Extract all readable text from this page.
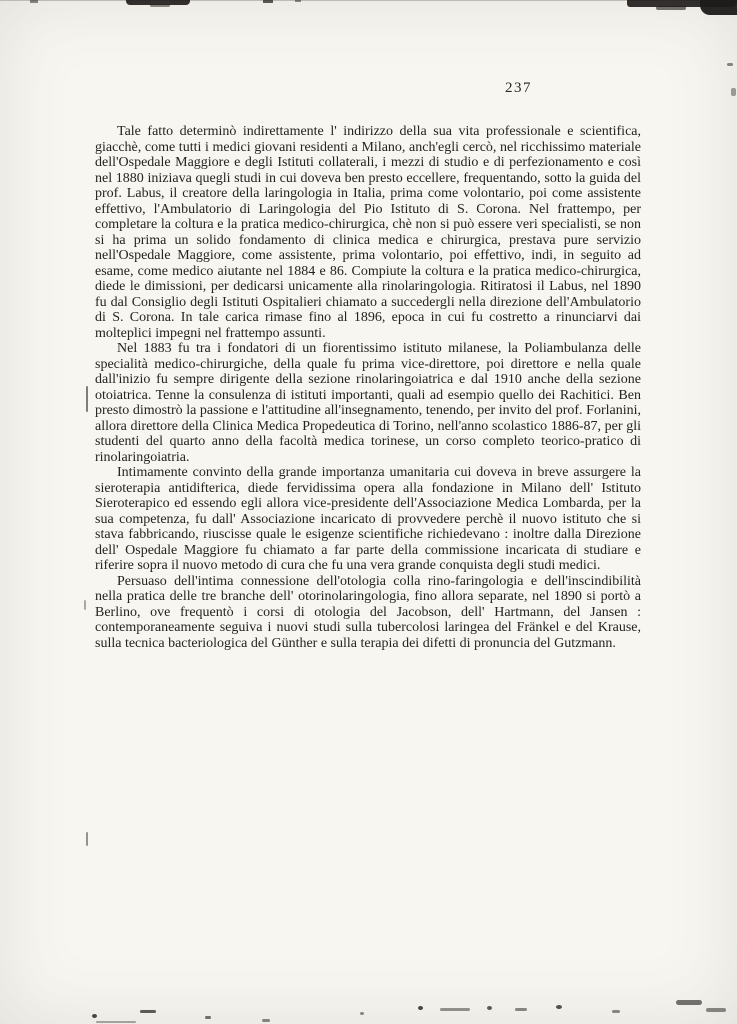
237

Tale fatto determinò indirettamente l' indirizzo della sua vita professionale e scientifica, giacchè, come tutti i medici giovani residenti a Milano, anch'egli cercò, nel ricchissimo materiale dell'Ospedale Maggiore e degli Istituti collaterali, i mezzi di studio e di perfezionamento e così nel 1880 iniziava quegli studi in cui doveva ben presto eccellere, frequentando, sotto la guida del prof. Labus, il creatore della laringologia in Italia, prima come volontario, poi come assistente effettivo, l'Ambulatorio di Laringologia del Pio Istituto di S. Corona. Nel frattempo, per completare la coltura e la pratica medico-chirurgica, chè non si può essere veri specialisti, se non si ha prima un solido fondamento di clinica medica e chirurgica, prestava pure servizio nell'Ospedale Maggiore, come assistente, prima volontario, poi effettivo, indi, in seguito ad esame, come medico aiutante nel 1884 e 86. Compiute la coltura e la pratica medico-chirurgica, diede le dimissioni, per dedicarsi unicamente alla rinolaringologia. Ritiratosi il Labus, nel 1890 fu dal Consiglio degli Istituti Ospitalieri chiamato a succedergli nella direzione dell'Ambulatorio di S. Corona. In tale carica rimase fino al 1896, epoca in cui fu costretto a rinunciarvi dai molteplici impegni nel frattempo assunti.

Nel 1883 fu tra i fondatori di un fiorentissimo istituto milanese, la Poliambulanza delle specialità medico-chirurgiche, della quale fu prima vice-direttore, poi direttore e nella quale dall'inizio fu sempre dirigente della sezione rinolaringoiatrica e dal 1910 anche della sezione otoiatrica. Tenne la consulenza di istituti importanti, quali ad esempio quello dei Rachitici. Ben presto dimostrò la passione e l'attitudine all'insegnamento, tenendo, per invito del prof. Forlanini, allora direttore della Clinica Medica Propedeutica di Torino, nell'anno scolastico 1886-87, per gli studenti del quarto anno della facoltà medica torinese, un corso completo teorico-pratico di rinolaringoiatria.

Intimamente convinto della grande importanza umanitaria cui doveva in breve assurgere la sieroterapia antidifterica, diede fervidissima opera alla fondazione in Milano dell' Istituto Sieroterapico ed essendo egli allora vice-presidente dell'Associazione Medica Lombarda, per la sua competenza, fu dall' Associazione incaricato di provvedere perchè il nuovo istituto che si stava fabbricando, riuscisse quale le esigenze scientifiche richiedevano : inoltre dalla Direzione dell' Ospedale Maggiore fu chiamato a far parte della commissione incaricata di studiare e riferire sopra il nuovo metodo di cura che fu una vera grande conquista degli studi medici.

Persuaso dell'intima connessione dell'otologia colla rino-faringologia e dell'inscindibilità nella pratica delle tre branche dell' otorinolaringologia, fino allora separate, nel 1890 si portò a Berlino, ove frequentò i corsi di otologia del Jacobson, dell' Hartmann, del Jansen : contemporaneamente seguiva i nuovi studi sulla tubercolosi laringea del Fränkel e del Krause, sulla tecnica bacteriologica del Günther e sulla terapia dei difetti di pronuncia del Gutzmann.
